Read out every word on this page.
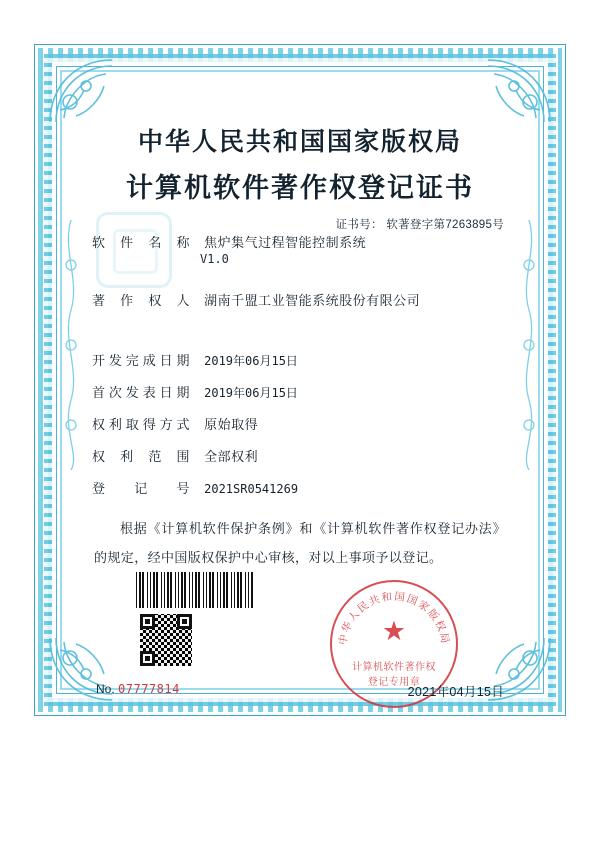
中华人民共和国国家版权局
计算机软件著作权登记证书
证书号： 软著登字第7263895号
软件名称 焦炉集气过程智能控制系统
V1.0
著作权人 湖南千盟工业智能系统股份有限公司
开发完成日期 2019年06月15日
首次发表日期 2019年06月15日
权利取得方式 原始取得
权利范围 全部权利
登记号 2021SR0541269
根据《计算机软件保护条例》和《计算机软件著作权登记办法》的规定，经中国版权保护中心审核，对以上事项予以登记。
中华人民共和国国家版权局
★
计算机软件著作权
登记专用章
No. 07777814	2021年04月15日
